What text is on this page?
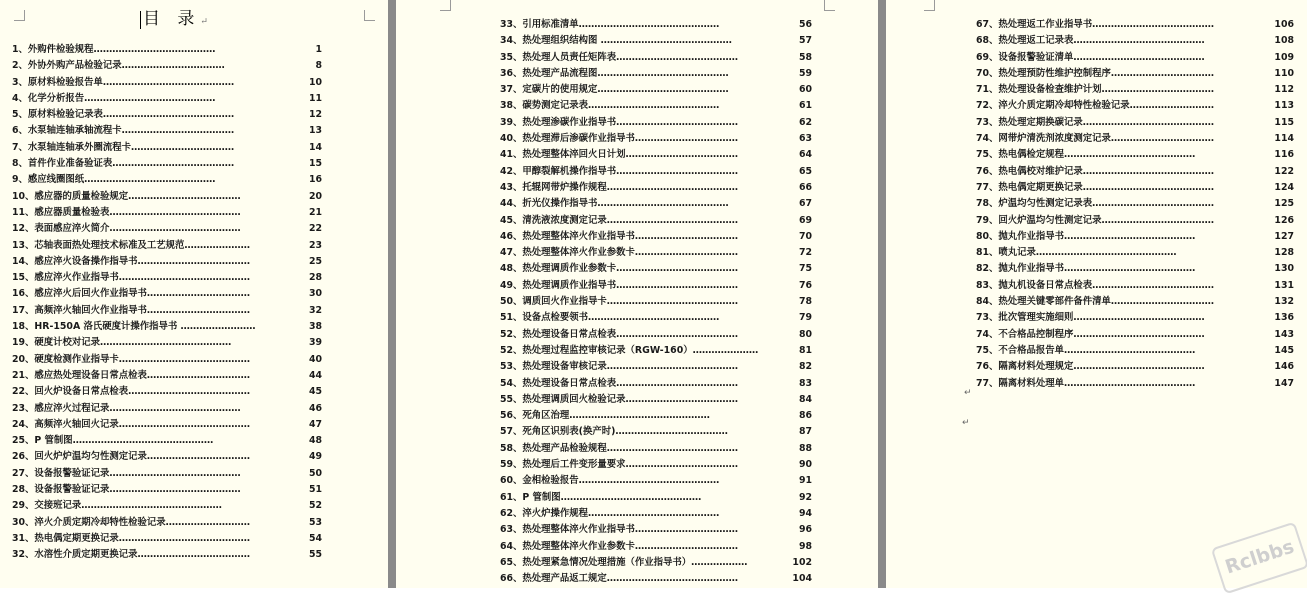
目 录↵
1、外购件检验规程…………………………………	1
2、外协外购产品检验记录……………………………	8
3、原材料检验报告单……………………………………	10
4、化学分析报告……………………………………	11
5、原材料检验记录表……………………………………	12
6、水泵轴连轴承轴流程卡………………………………	13
7、水泵轴连轴承外圈流程卡……………………………	14
8、首件作业准备验证表…………………………………	15
9、感应线圈图纸……………………………………	16
10、感应器的质量检验规定………………………………	20
11、感应器质量检验表……………………………………	21
12、表面感应淬火简介……………………………………	22
13、芯轴表面热处理技术标准及工艺规范…………………	23
14、感应淬火设备操作指导书………………………………	25
15、感应淬火作业指导书……………………………………	28
16、感应淬火后回火作业指导书……………………………	30
17、高频淬火轴回火作业指导书……………………………	32
18、HR-150A 洛氏硬度计操作指导书 ……………………	38
19、硬度计校对记录……………………………………	39
20、硬度检测作业指导卡……………………………………	40
21、感应热处理设备日常点检表……………………………	44
22、回火炉设备日常点检表…………………………………	45
23、感应淬火过程记录……………………………………	46
24、高频淬火轴回火记录……………………………………	47
25、P 管制图………………………………………	48
26、回火炉炉温均匀性测定记录……………………………	49
27、设备报警验证记录……………………………………	50
28、设备报警验证记录……………………………………	51
29、交接班记录………………………………………	52
30、淬火介质定期冷却特性检验记录………………………	53
31、热电偶定期更换记录……………………………………	54
32、水溶性介质定期更换记录………………………………	55
33、引用标准清单………………………………………	56
34、热处理组织结构图 ……………………………………	57
35、热处理人员责任矩阵表…………………………………	58
36、热处理产品流程图……………………………………	59
37、定碳片的使用规定……………………………………	60
38、碳势测定记录表……………………………………	61
39、热处理渗碳作业指导书…………………………………	62
40、热处理滞后渗碳作业指导书……………………………	63
41、热处理整体淬回火日计划………………………………	64
42、甲醇裂解机操作指导书…………………………………	65
43、托辊网带炉操作规程……………………………………	66
44、折光仪操作指导书……………………………………	67
45、清洗液浓度测定记录……………………………………	69
46、热处理整体淬火作业指导书……………………………	70
47、热处理整体淬火作业参数卡……………………………	72
48、热处理调质作业参数卡…………………………………	75
49、热处理调质作业指导书…………………………………	76
50、调质回火作业指导卡……………………………………	78
51、设备点检要领书……………………………………	79
52、热处理设备日常点检表…………………………………	80
52、热处理过程监控审核记录（RGW-160）…………………	81
53、热处理设备审核记录……………………………………	82
54、热处理设备日常点检表…………………………………	83
55、热处理调质回火检验记录………………………………	84
56、死角区治理………………………………………	86
57、死角区识别表(换产时)………………………………	87
58、热处理产品检验规程……………………………………	88
59、热处理后工件变形量要求………………………………	90
60、金相检验报告………………………………………	91
61、P 管制图………………………………………	92
62、淬火炉操作规程……………………………………	94
63、热处理整体淬火作业指导书……………………………	96
64、热处理整体淬火作业参数卡……………………………	98
65、热处理紧急情况处理措施（作业指导书）………………	102
66、热处理产品返工规定……………………………………	104
67、热处理返工作业指导书…………………………………	106
68、热处理返工记录表……………………………………	108
69、设备报警验证清单……………………………………	109
70、热处理预防性维护控制程序……………………………	110
71、热处理设备检查维护计划………………………………	112
72、淬火介质定期冷却特性检验记录………………………	113
73、热处理定期换碳记录……………………………………	115
74、网带炉清洗剂浓度测定记录……………………………	114
75、热电偶检定规程……………………………………	116
76、热电偶校对维护记录……………………………………	122
77、热电偶定期更换记录……………………………………	124
78、炉温均匀性测定记录表…………………………………	125
79、回火炉温均匀性测定记录………………………………	126
80、抛丸作业指导书……………………………………	127
81、喷丸记录………………………………………	128
82、抛丸作业指导书……………………………………	130
83、抛丸机设备日常点检表…………………………………	131
84、热处理关键零部件备件清单……………………………	132
73、批次管理实施细则……………………………………	136
74、不合格品控制程序……………………………………	143
75、不合格品报告单……………………………………	145
76、隔离材料处理规定……………………………………	146
77、隔离材料处理单……………………………………	147
↵
↵
Rclbbs
